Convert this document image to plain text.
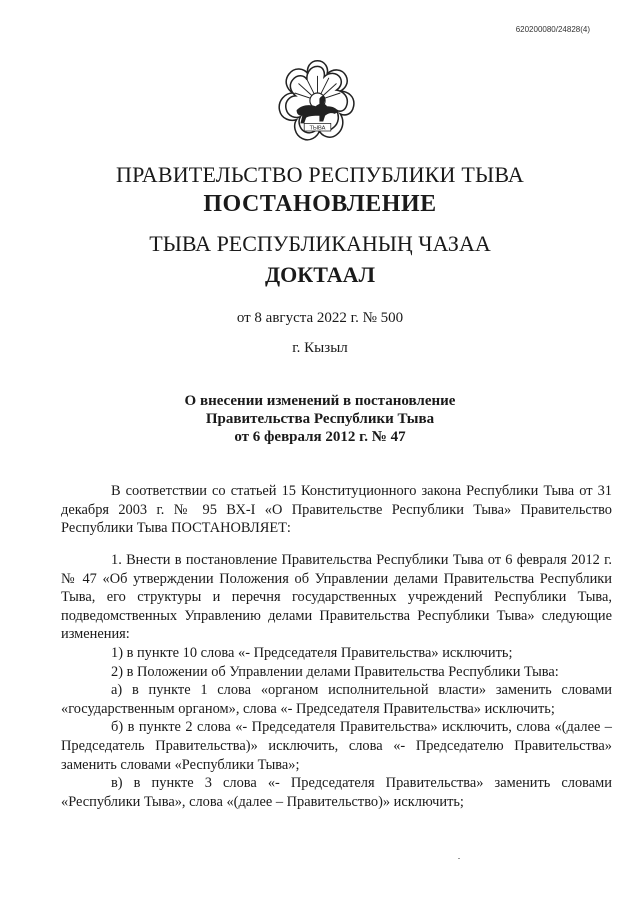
620200080/24828(4)
ТЫВА
ПРАВИТЕЛЬСТВО РЕСПУБЛИКИ ТЫВА
ПОСТАНОВЛЕНИЕ
ТЫВА РЕСПУБЛИКАНЫҢ ЧАЗАА
ДОКТААЛ
от 8 августа 2022 г. № 500
г. Кызыл
О внесении изменений в постановление
Правительства Республики Тыва
от 6 февраля 2012 г. № 47

В соответствии со статьей 15 Конституционного закона Республики Тыва от 31 декабря 2003 г. № 95 ВХ-I «О Правительстве Республики Тыва» Правительство Республики Тыва ПОСТАНОВЛЯЕТ:

1. Внести в постановление Правительства Республики Тыва от 6 февраля 2012 г. № 47 «Об утверждении Положения об Управлении делами Правительства Республики Тыва, его структуры и перечня государственных учреждений Республики Тыва, подведомственных Управлению делами Правительства Республики Тыва» следующие изменения:

1) в пункте 10 слова «- Председателя Правительства» исключить;

2) в Положении об Управлении делами Правительства Республики Тыва:

а) в пункте 1 слова «органом исполнительной власти» заменить словами «государственным органом», слова «- Председателя Правительства» исключить;

б) в пункте 2 слова «- Председателя Правительства» исключить, слова «(далее – Председатель Правительства)» исключить, слова «- Председателю Правительства» заменить словами «Республики Тыва»;

в) в пункте 3 слова «- Председателя Правительства» заменить словами «Республики Тыва», слова «(далее – Правительство)» исключить;
